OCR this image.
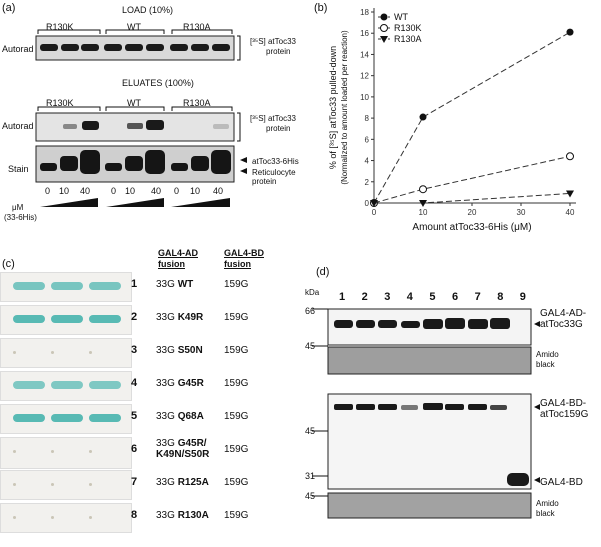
(a)	LOAD (10%)
ELUATES (100%)
R130K	WT	R130A
Autorad
[³⁵S] atToc33
protein
R130K	WT	R130A
Autorad
Stain
[³⁵S] atToc33
protein
atToc33-6His
Reticulocyte
protein
μM
(33-6His)
0 10 40 0 10 40 0 10 40
(b)
0
2
4
6
8
10
12
14
16
18
0	10	20	30	40
Amount atToc33-6His (μM)
% of [³⁵S] atToc33 pulled-down (Normalized to amount loaded per reaction)
WT
R130K
R130A
(c)
GAL4-AD
fusion
GAL4-BD
fusion
1 33G WT	159G
2 33G K49R 159G
3 33G S50N 159G
4 33G G45R 159G
5 33G Q68A 159G
6 33G G45R/
K49N/S50R 159G
7 33G R125A 159G
8 33G R130A 159G
(d)
kDa 1 2 3 4 5 6 7 8 9
66
45
45
31
45
GAL4-AD-
atToc33G
Amido
black
GAL4-BD-
atToc159G
GAL4-BD
Amido
black
